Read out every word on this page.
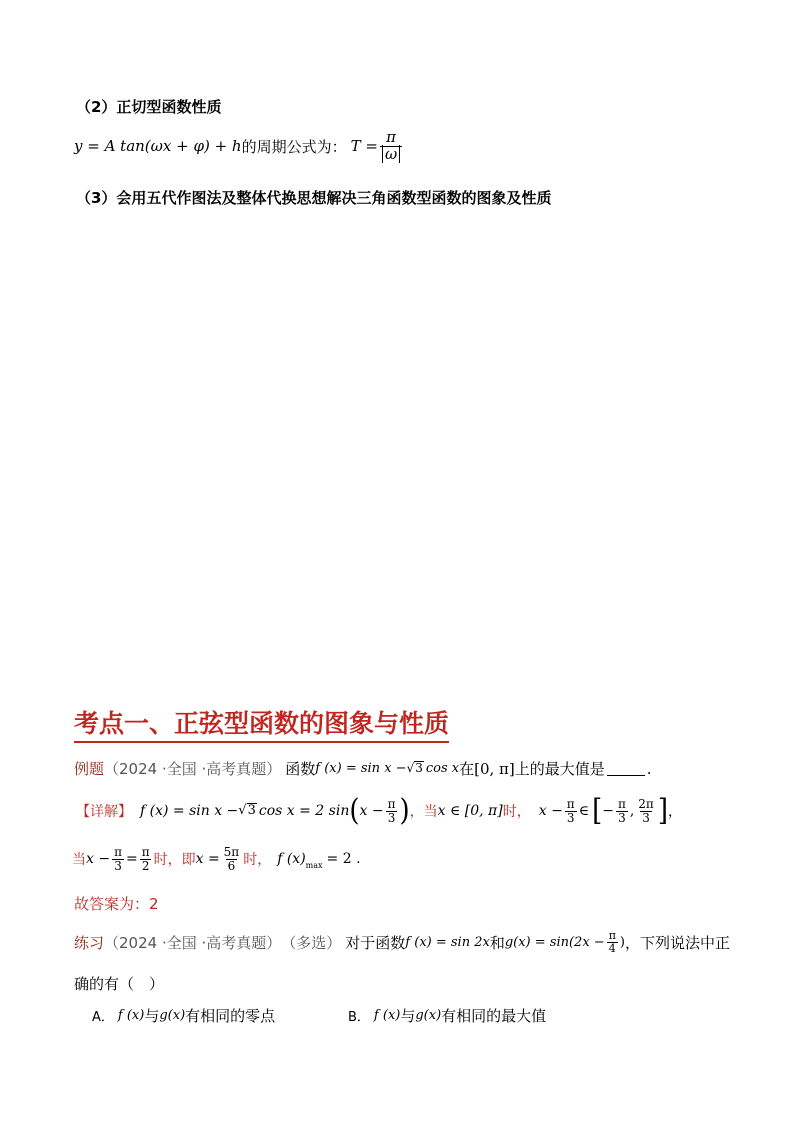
（2）正切型函数性质
y = A tan(ωx + φ) + h 的周期公式为： $T = \frac{\pi}{\omega}$
（3）会用五代作图法及整体代换思想解决三角函数型函数的图象及性质
考点一、正弦型函数的图象与性质
例题 （2024 ·全国 ·高考真题） 函数 f (x) = sin x − √ 3 cos x 在 [0, π] 上的最大值是	.
【详解】 f (x) = sin x − √ 3 cos x = 2 sin ( $x - \frac{\pi}{3}$ ) ，当 x ∈ [0, π] 时， $x - \frac{\pi}{3}$ ∈ [ − $\frac{\pi}{3}$ , $\frac{2\pi}{3}$ ] ，
当 $x - \frac{\pi}{3} = \frac{\pi}{2}$ 时，即 $x = \frac{5\pi}{6}$ 时， f (x) max = 2 .
故答案为：2
练习 （2024 ·全国 ·高考真题） （多选） 对于函数 f (x) = sin 2x 和 $g(x) = \sin(2x - \frac{\pi}{4}$ ) ，下列说法中正
确的有（　）
A． f (x) 与 g(x) 有相同的零点	B． f (x) 与 g(x) 有相同的最大值
